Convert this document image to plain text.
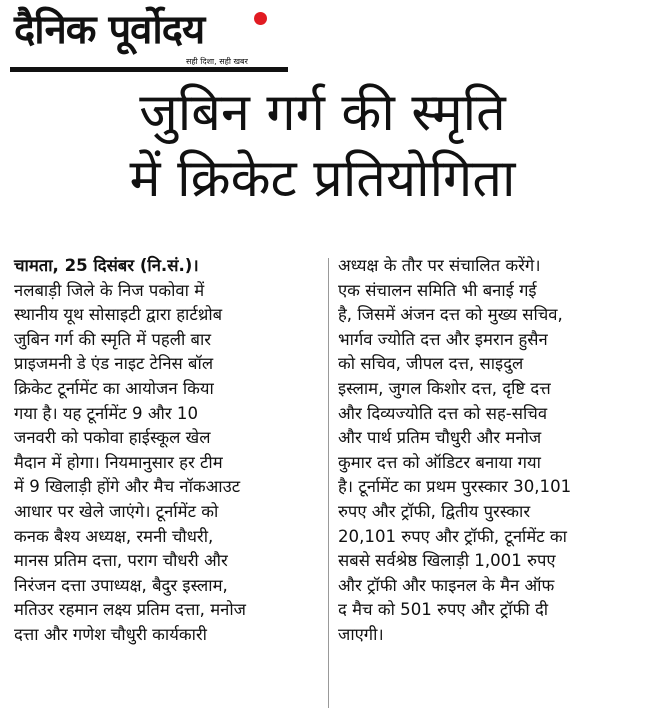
दैनिक पूर्वोदय
सही दिशा, सही खबर
जुबिन गर्ग की स्मृति
में क्रिकेट प्रतियोगिता
चामता, 25 दिसंबर (नि.सं.)।
नलबाड़ी जिले के निज पकोवा में
स्थानीय यूथ सोसाइटी द्वारा हार्टथ्रोब
जुबिन गर्ग की स्मृति में पहली बार
प्राइजमनी डे एंड नाइट टेनिस बॉल
क्रिकेट टूर्नामेंट का आयोजन किया
गया है। यह टूर्नामेंट 9 और 10
जनवरी को पकोवा हाईस्कूल खेल
मैदान में होगा। नियमानुसार हर टीम
में 9 खिलाड़ी होंगे और मैच नॉकआउट
आधार पर खेले जाएंगे। टूर्नामेंट को
कनक बैश्य अध्यक्ष, रमनी चौधरी,
मानस प्रतिम दत्ता, पराग चौधरी और
निरंजन दत्ता उपाध्यक्ष, बैदुर इस्लाम,
मतिउर रहमान लक्ष्य प्रतिम दत्ता, मनोज
दत्ता और गणेश चौधुरी कार्यकारी
अध्यक्ष के तौर पर संचालित करेंगे।
एक संचालन समिति भी बनाई गई
है, जिसमें अंजन दत्त को मुख्य सचिव,
भार्गव ज्योति दत्त और इमरान हुसैन
को सचिव, जीपल दत्त, साइदुल
इस्लाम, जुगल किशोर दत्त, दृष्टि दत्त
और दिव्यज्योति दत्त को सह-सचिव
और पार्थ प्रतिम चौधुरी और मनोज
कुमार दत्त को ऑडिटर बनाया गया
है। टूर्नामेंट का प्रथम पुरस्कार 30,101
रुपए और ट्रॉफी, द्वितीय पुरस्कार
20,101 रुपए और ट्रॉफी, टूर्नामेंट का
सबसे सर्वश्रेष्ठ खिलाड़ी 1,001 रुपए
और ट्रॉफी और फाइनल के मैन ऑफ
द मैच को 501 रुपए और ट्रॉफी दी
जाएगी।
